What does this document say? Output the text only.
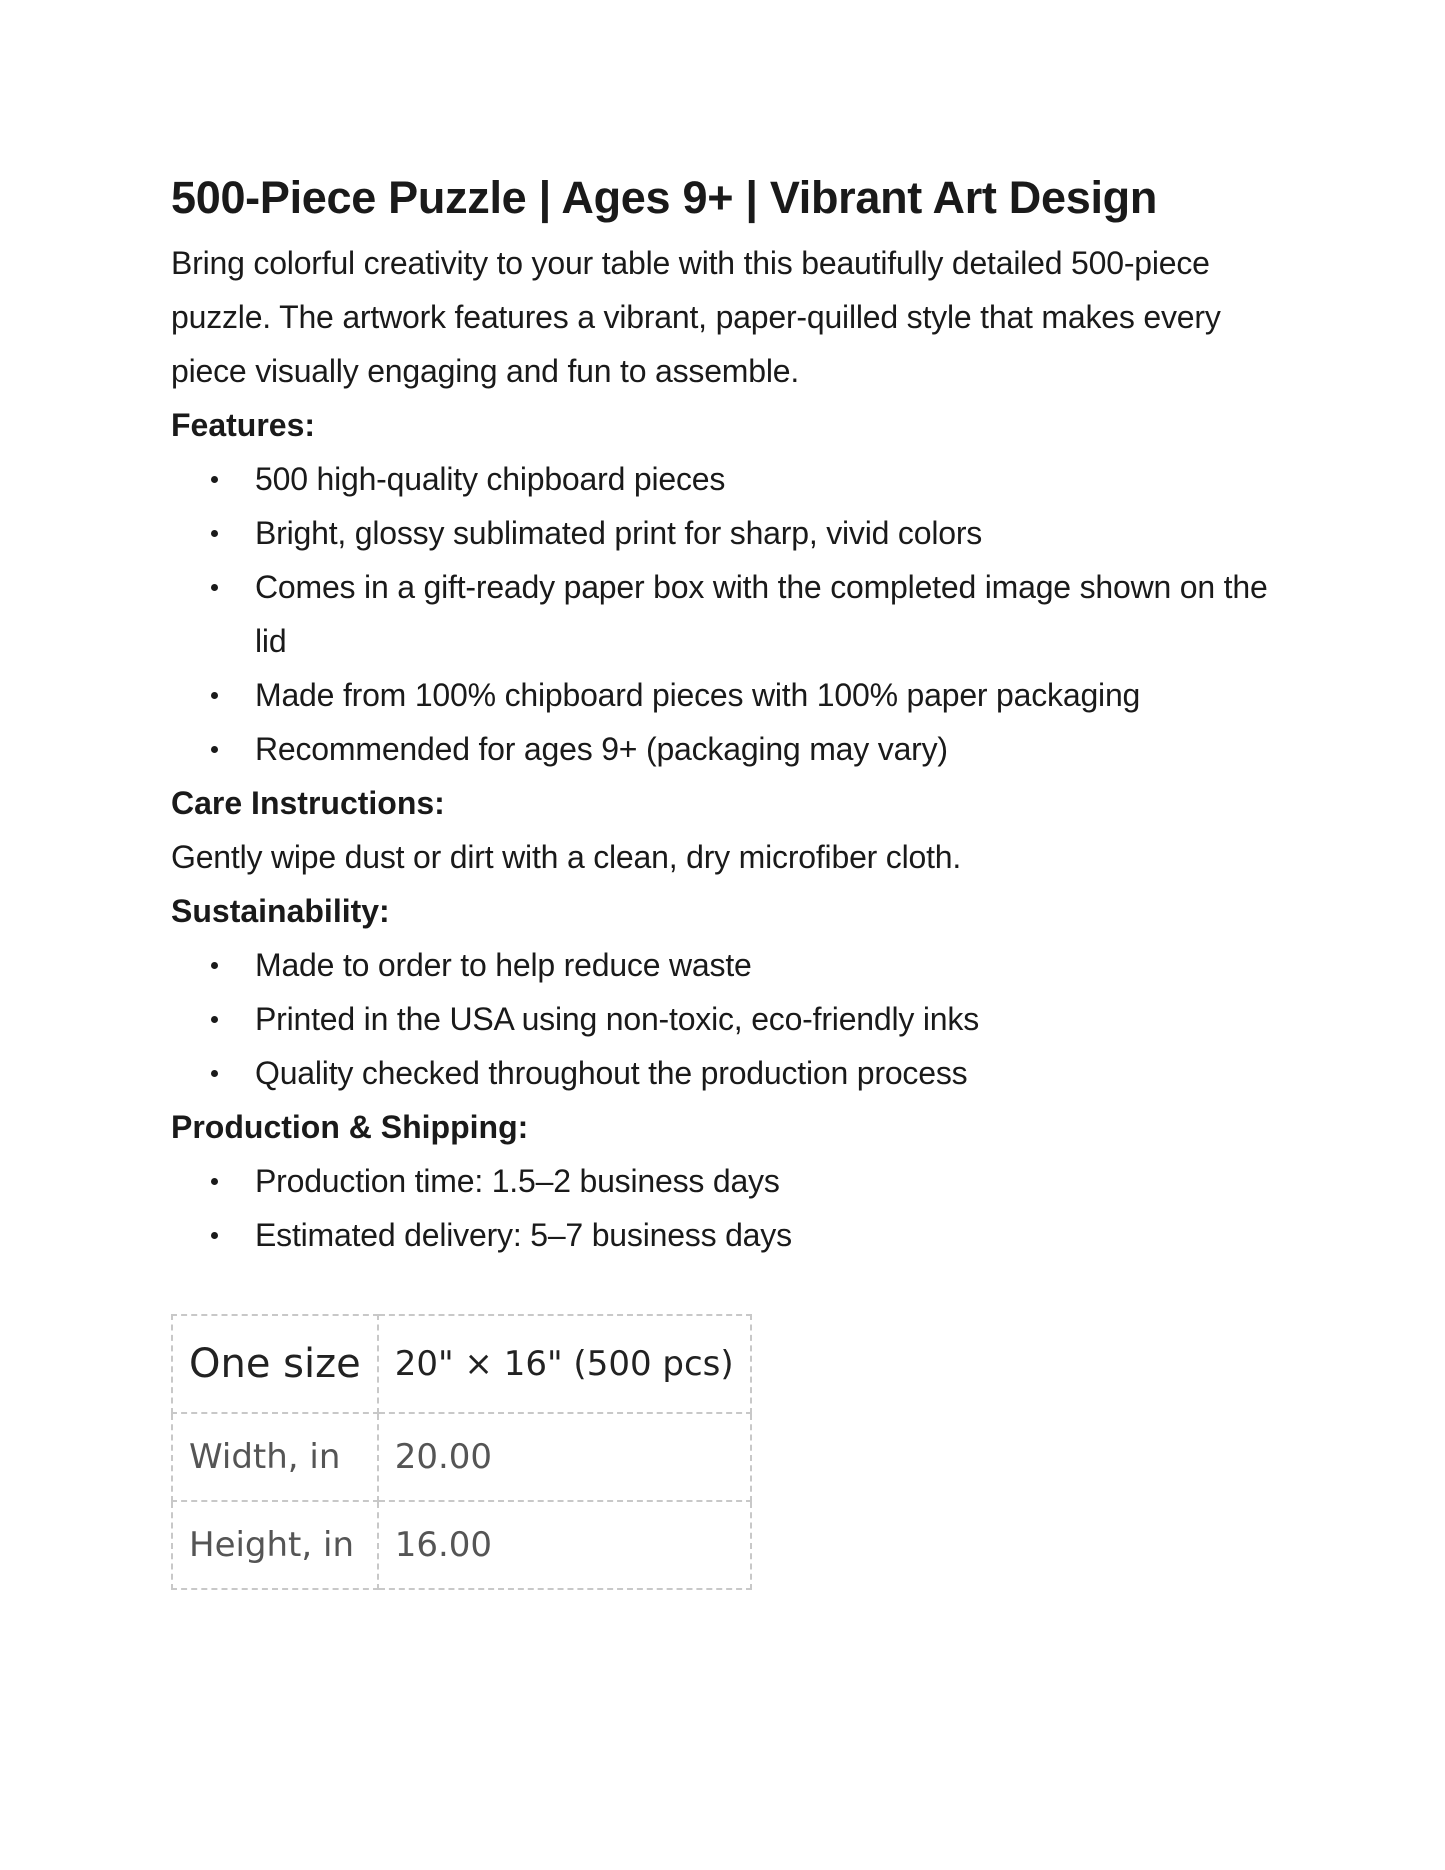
500-Piece Puzzle | Ages 9+ | Vibrant Art Design

Bring colorful creativity to your table with this beautifully detailed 500-piece puzzle. The artwork features a vibrant, paper-quilled style that makes every piece visually engaging and fun to assemble.

Features:
500 high-quality chipboard pieces
Bright, glossy sublimated print for sharp, vivid colors
Comes in a gift-ready paper box with the completed image shown on the lid
Made from 100% chipboard pieces with 100% paper packaging
Recommended for ages 9+ (packaging may vary)
Care Instructions:

Gently wipe dust or dirt with a clean, dry microfiber cloth.

Sustainability:
Made to order to help reduce waste
Printed in the USA using non-toxic, eco-friendly inks
Quality checked throughout the production process
Production & Shipping:
Production time: 1.5–2 business days
Estimated delivery: 5–7 business days
One size	20" × 16" (500 pcs)
Width, in	20.00
Height, in	16.00
